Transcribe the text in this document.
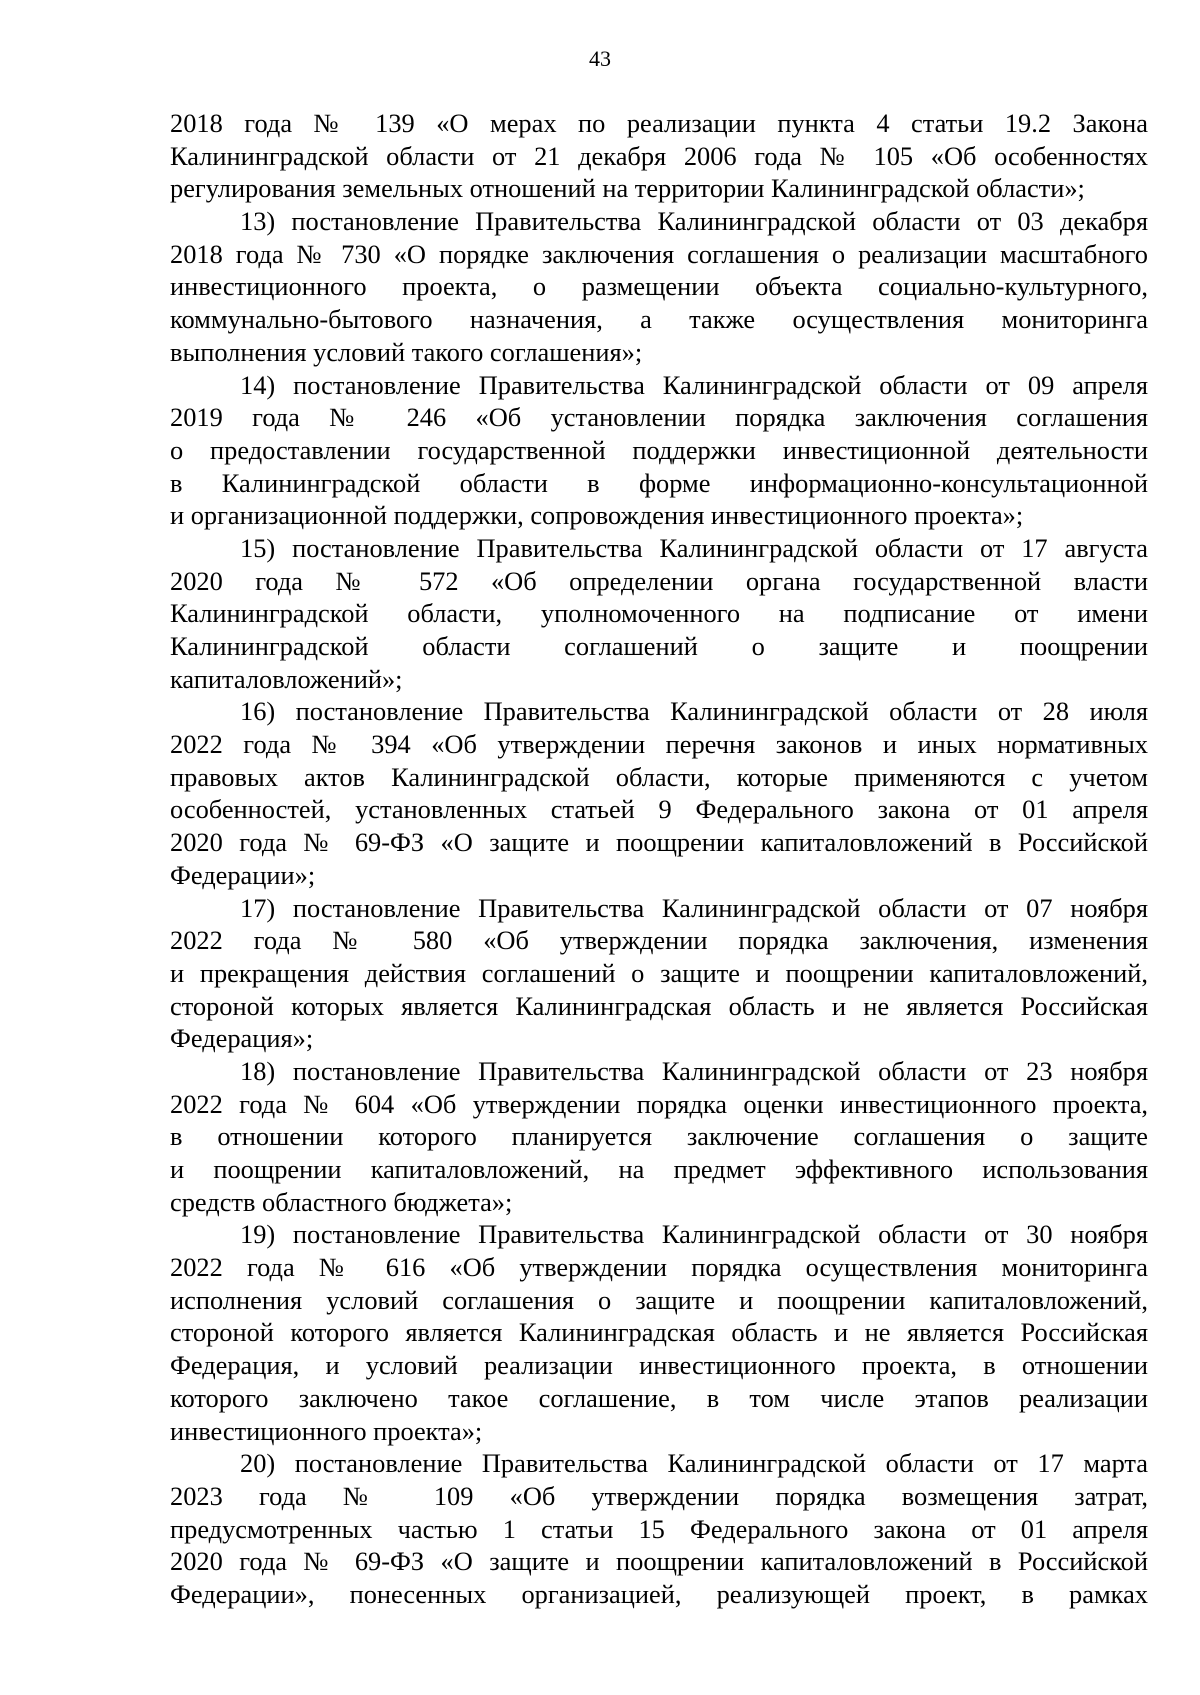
43
2018 года № 139 «О мерах по реализации пункта 4 статьи 19.2 Закона
Калининградской области от 21 декабря 2006 года № 105 «Об особенностях
регулирования земельных отношений на территории Калининградской области»;
13) постановление Правительства Калининградской области от 03 декабря
2018 года № 730 «О порядке заключения соглашения о реализации масштабного
инвестиционного проекта, о размещении объекта социально-культурного,
коммунально-бытового назначения, а также осуществления мониторинга
выполнения условий такого соглашения»;
14) постановление Правительства Калининградской области от 09 апреля
2019 года № 246 «Об установлении порядка заключения соглашения
о предоставлении государственной поддержки инвестиционной деятельности
в Калининградской области в форме информационно-консультационной
и организационной поддержки, сопровождения инвестиционного проекта»;
15) постановление Правительства Калининградской области от 17 августа
2020 года № 572 «Об определении органа государственной власти
Калининградской области, уполномоченного на подписание от имени
Калининградской области соглашений о защите и поощрении
капиталовложений»;
16) постановление Правительства Калининградской области от 28 июля
2022 года № 394 «Об утверждении перечня законов и иных нормативных
правовых актов Калининградской области, которые применяются с учетом
особенностей, установленных статьей 9 Федерального закона от 01 апреля
2020 года № 69-ФЗ «О защите и поощрении капиталовложений в Российской
Федерации»;
17) постановление Правительства Калининградской области от 07 ноября
2022 года № 580 «Об утверждении порядка заключения, изменения
и прекращения действия соглашений о защите и поощрении капиталовложений,
стороной которых является Калининградская область и не является Российская
Федерация»;
18) постановление Правительства Калининградской области от 23 ноября
2022 года № 604 «Об утверждении порядка оценки инвестиционного проекта,
в отношении которого планируется заключение соглашения о защите
и поощрении капиталовложений, на предмет эффективного использования
средств областного бюджета»;
19) постановление Правительства Калининградской области от 30 ноября
2022 года № 616 «Об утверждении порядка осуществления мониторинга
исполнения условий соглашения о защите и поощрении капиталовложений,
стороной которого является Калининградская область и не является Российская
Федерация, и условий реализации инвестиционного проекта, в отношении
которого заключено такое соглашение, в том числе этапов реализации
инвестиционного проекта»;
20) постановление Правительства Калининградской области от 17 марта
2023 года № 109 «Об утверждении порядка возмещения затрат,
предусмотренных частью 1 статьи 15 Федерального закона от 01 апреля
2020 года № 69-ФЗ «О защите и поощрении капиталовложений в Российской
Федерации», понесенных организацией, реализующей проект, в рамках
